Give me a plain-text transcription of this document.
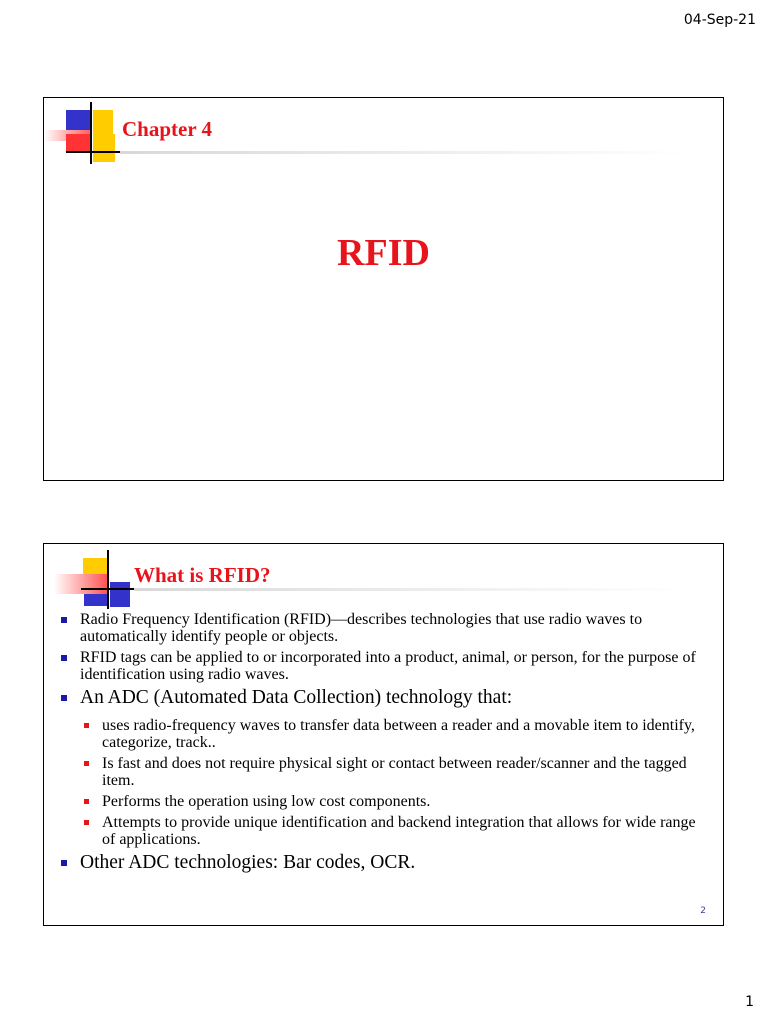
04-Sep-21
Chapter 4
RFID
What is RFID?
Radio Frequency Identification (RFID)—describes technologies that use radio waves to automatically identify people or objects.
RFID tags can be applied to or incorporated into a product, animal, or person, for the purpose of identification using radio waves.
An ADC (Automated Data Collection) technology that:
uses radio-frequency waves to transfer data between a reader and a movable item to identify, categorize, track..
Is fast and does not require physical sight or contact between reader/scanner and the tagged item.
Performs the operation using low cost components.
Attempts to provide unique identification and backend integration that allows for wide range of applications.
Other ADC technologies: Bar codes, OCR.
2
1
